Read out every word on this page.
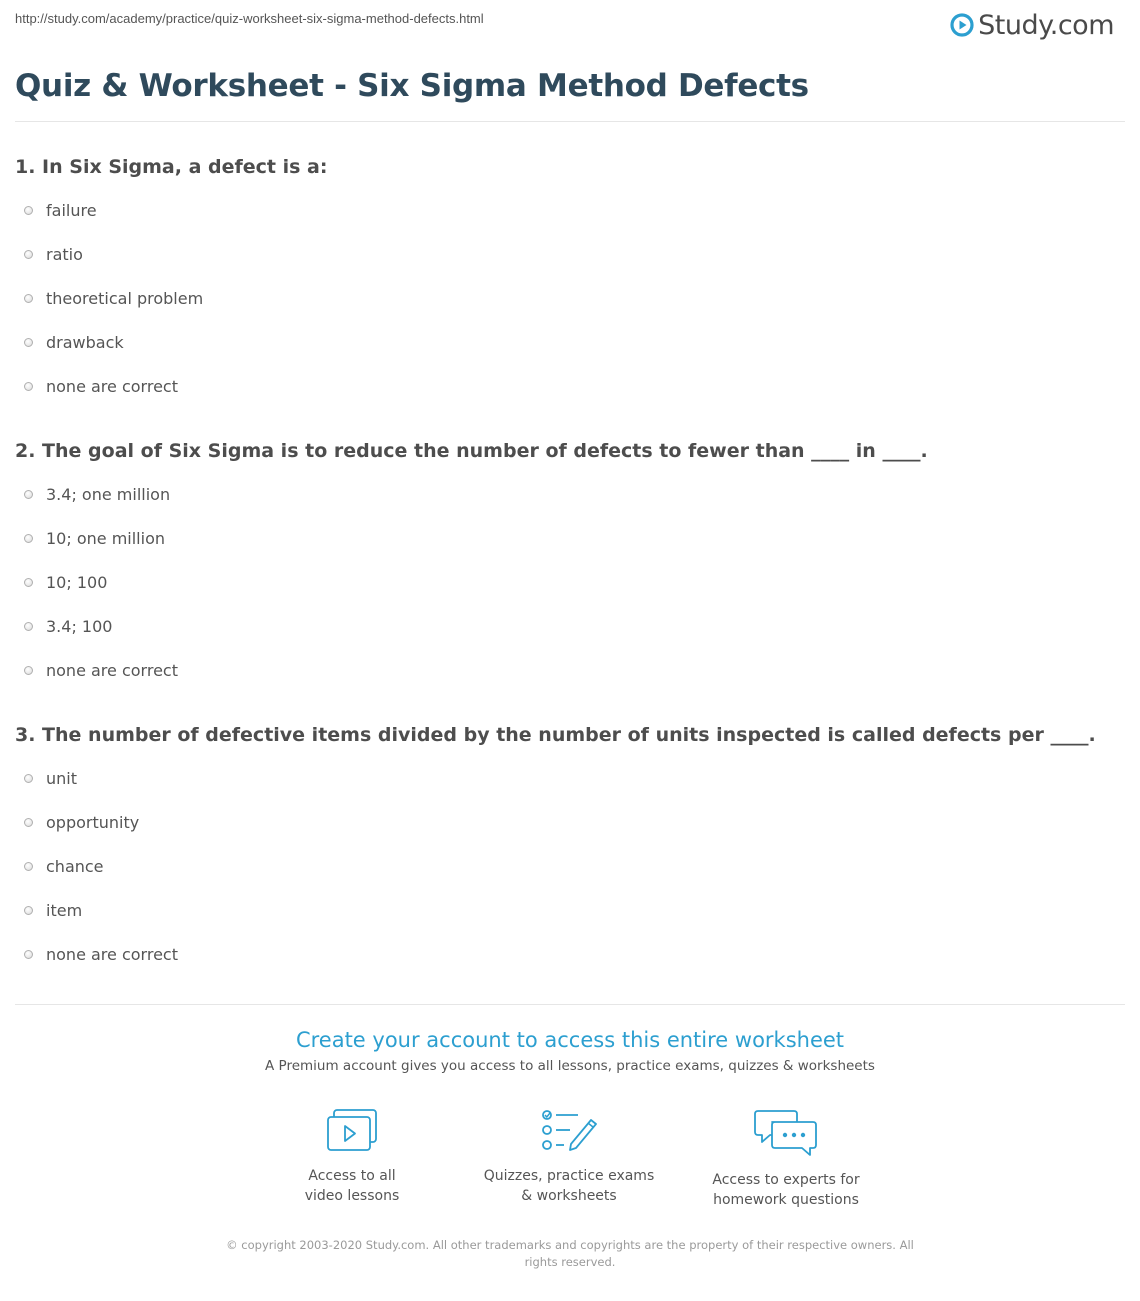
http://study.com/academy/practice/quiz-worksheet-six-sigma-method-defects.html	Study.com
Quiz & Worksheet - Six Sigma Method Defects
1. In Six Sigma, a defect is a:
failure
ratio
theoretical problem
drawback
none are correct
2. The goal of Six Sigma is to reduce the number of defects to fewer than ____ in ____.
3.4; one million
10; one million
10; 100
3.4; 100
none are correct
3. The number of defective items divided by the number of units inspected is called defects per ____.
unit
opportunity
chance
item
none are correct
Create your account to access this entire worksheet
A Premium account gives you access to all lessons, practice exams, quizzes & worksheets
Access to all
video lessons
Quizzes, practice exams
& worksheets
Access to experts for
homework questions
© copyright 2003-2020 Study.com. All other trademarks and copyrights are the property of their respective owners. All rights reserved.
